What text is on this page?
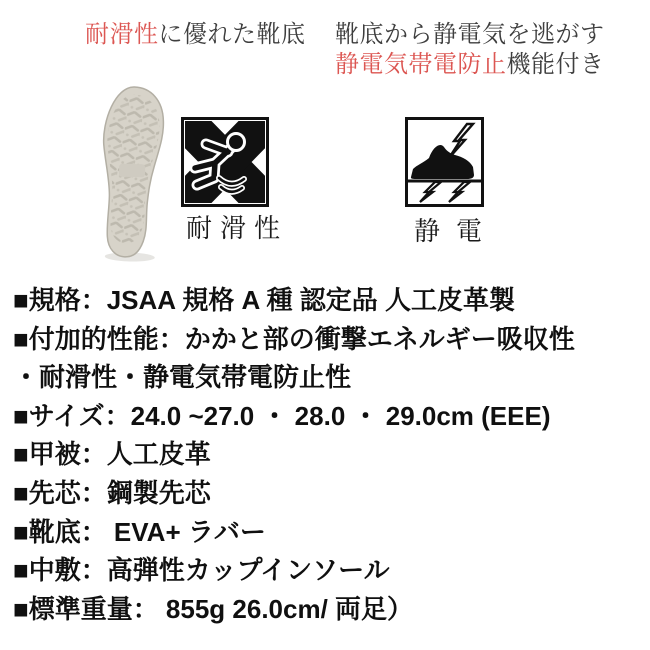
耐滑性に優れた靴底 靴底から静電気を逃がす
静電気帯電防止機能付き
耐滑性	静電
■規格：JSAA 規格 A 種 認定品 人工皮革製
■付加的性能：かかと部の衝撃エネルギー吸収性
・耐滑性・静電気帯電防止性
■サイズ：24.0 ~27.0 ・ 28.0 ・ 29.0cm (EEE)
■甲被：人工皮革
■先芯：鋼製先芯
■靴底： EVA+ ラバー
■中敷：高弾性カップインソール
■標準重量： 855g 26.0cm/ 両足）
